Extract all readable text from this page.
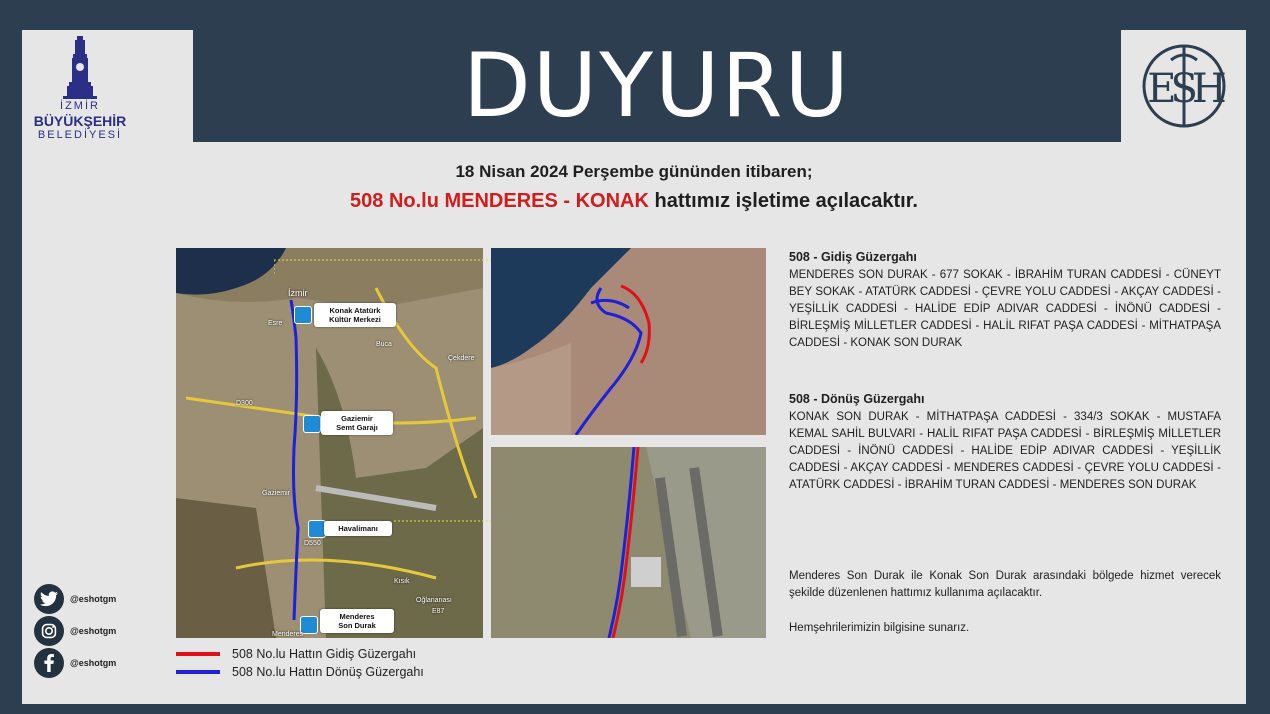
İZMİR
BÜYÜKŞEHİR
BELEDİYESİ	DUYURU	ESH
18 Nisan 2024 Perşembe gününden itibaren;
508 No.lu MENDERES - KONAK hattımız işletime açılacaktır.
Konak Atatürk
Kültür Merkezi
Gaziemir
Semt Garajı
Havalimanı
Menderes
Son Durak
İzmir
Esre
Buca
Gaziemir
Kısık
Oğlananası
Menderes
Çekdere
D300
D550
E87
508 No.lu Hattın Gidiş Güzergahı
508 No.lu Hattın Dönüş Güzergahı
508 - Gidiş Güzergahı
MENDERES SON DURAK - 677 SOKAK - İBRAHİM TURAN CADDESİ - CÜNEYT BEY SOKAK - ATATÜRK CADDESİ - ÇEVRE YOLU CADDESİ - AKÇAY CADDESİ - YEŞİLLİK CADDESİ - HALİDE EDİP ADIVAR CADDESİ - İNÖNÜ CADDESİ - BİRLEŞMİŞ MİLLETLER CADDESİ - HALİL RIFAT PAŞA CADDESİ - MİTHATPAŞA CADDESİ - KONAK SON DURAK
508 - Dönüş Güzergahı
KONAK SON DURAK - MİTHATPAŞA CADDESİ - 334/3 SOKAK - MUSTAFA KEMAL SAHİL BULVARI - HALİL RIFAT PAŞA CADDESİ - BİRLEŞMİŞ MİLLETLER CADDESİ - İNÖNÜ CADDESİ - HALİDE EDİP ADIVAR CADDESİ - YEŞİLLİK CADDESİ - AKÇAY CADDESİ - MENDERES CADDESİ - ÇEVRE YOLU CADDESİ - ATATÜRK CADDESİ - İBRAHİM TURAN CADDESİ - MENDERES SON DURAK
Menderes Son Durak ile Konak Son Durak arasındaki bölgede hizmet verecek şekilde düzenlenen hattımız kullanıma açılacaktır.
Hemşehrilerimizin bilgisine sunarız.
@eshotgm
@eshotgm
@eshotgm
